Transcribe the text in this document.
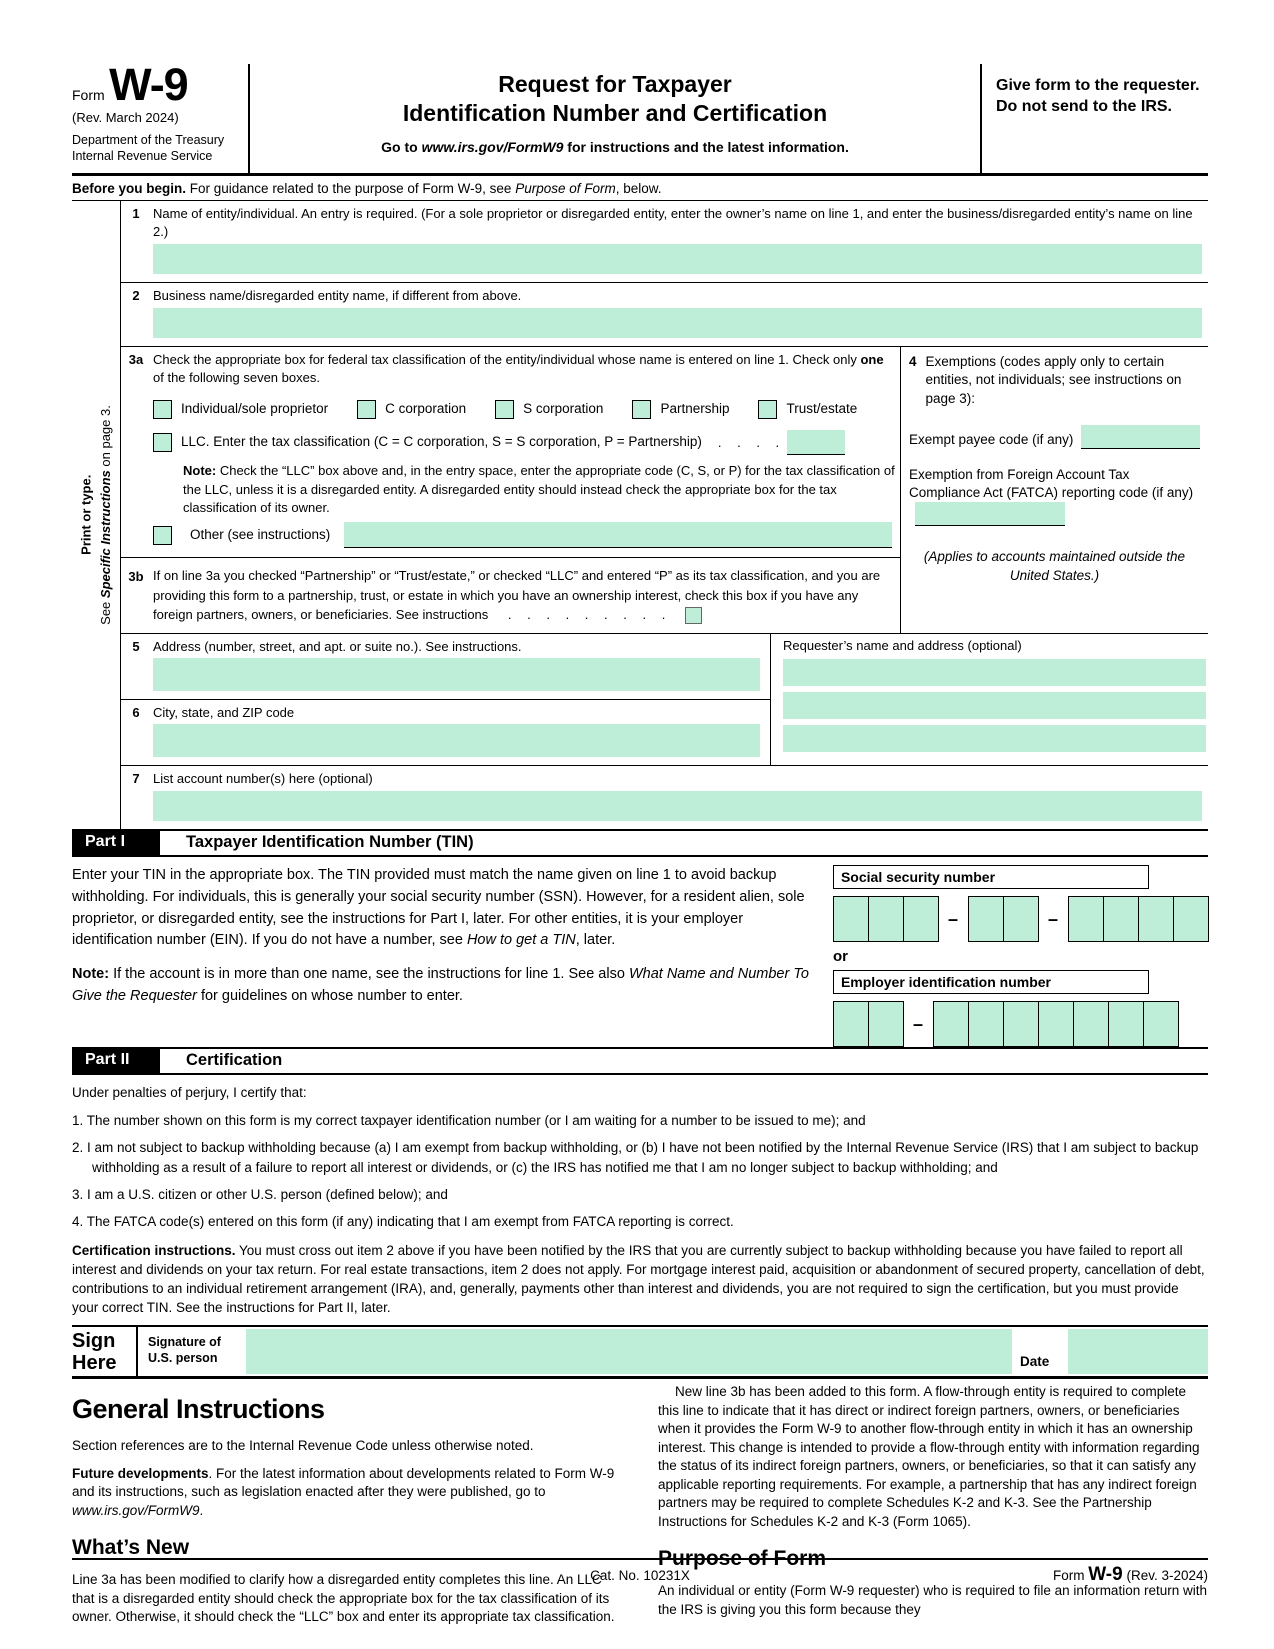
Form W-9
(Rev. March 2024)
Department of the Treasury
Internal Revenue Service
Request for Taxpayer
Identification Number and Certification
Go to www.irs.gov/FormW9 for instructions and the latest information.
Give form to the requester. Do not send to the IRS.
Before you begin. For guidance related to the purpose of Form W-9, see Purpose of Form, below.
Print or type.
See Specific Instructions on page 3.
1	Name of entity/individual. An entry is required. (For a sole proprietor or disregarded entity, enter the owner’s name on line 1, and enter the business/disregarded entity’s name on line 2.)
2	Business name/disregarded entity name, if different from above.
3a Check the appropriate box for federal tax classification of the entity/individual whose name is entered on line 1. Check only one of the following seven boxes.
Individual/sole proprietor	C corporation	S corporation	Partnership	Trust/estate
LLC. Enter the tax classification (C = C corporation, S = S corporation, P = Partnership)	. . . .
Note: Check the “LLC” box above and, in the entry space, enter the appropriate code (C, S, or P) for the tax classification of the LLC, unless it is a disregarded entity. A disregarded entity should instead check the appropriate box for the tax classification of its owner.
Other (see instructions)
3b If on line 3a you checked “Partnership” or “Trust/estate,” or checked “LLC” and entered “P” as its tax classification, and you are providing this form to a partnership, trust, or estate in which you have an ownership interest, check this box if you have any foreign partners, owners, or beneficiaries. See instructions . . . . . . . . .
4 Exemptions (codes apply only to certain entities, not individuals; see instructions on page 3):
Exempt payee code (if any)
Exemption from Foreign Account Tax Compliance Act (FATCA) reporting code (if any)
(Applies to accounts maintained outside the United States.)
5	Address (number, street, and apt. or suite no.). See instructions.
6	City, state, and ZIP code
Requester’s name and address (optional)
7	List account number(s) here (optional)
Part I	Taxpayer Identification Number (TIN)

Enter your TIN in the appropriate box. The TIN provided must match the name given on line 1 to avoid backup withholding. For individuals, this is generally your social security number (SSN). However, for a resident alien, sole proprietor, or disregarded entity, see the instructions for Part I, later. For other entities, it is your employer identification number (EIN). If you do not have a number, see How to get a TIN, later.

Note: If the account is in more than one name, see the instructions for line 1. See also What Name and Number To Give the Requester for guidelines on whose number to enter.

Social security number
–	–
or
Employer identification number
–
Part II	Certification

Under penalties of perjury, I certify that:

1. The number shown on this form is my correct taxpayer identification number (or I am waiting for a number to be issued to me); and

2. I am not subject to backup withholding because (a) I am exempt from backup withholding, or (b) I have not been notified by the Internal Revenue Service (IRS) that I am subject to backup withholding as a result of a failure to report all interest or dividends, or (c) the IRS has notified me that I am no longer subject to backup withholding; and

3. I am a U.S. citizen or other U.S. person (defined below); and

4. The FATCA code(s) entered on this form (if any) indicating that I am exempt from FATCA reporting is correct.

Certification instructions. You must cross out item 2 above if you have been notified by the IRS that you are currently subject to backup withholding because you have failed to report all interest and dividends on your tax return. For real estate transactions, item 2 does not apply. For mortgage interest paid, acquisition or abandonment of secured property, cancellation of debt, contributions to an individual retirement arrangement (IRA), and, generally, payments other than interest and dividends, you are not required to sign the certification, but you must provide your correct TIN. See the instructions for Part II, later.

Sign
Here
Signature of
U.S. person	Date
General Instructions

Section references are to the Internal Revenue Code unless otherwise noted.

Future developments. For the latest information about developments related to Form W-9 and its instructions, such as legislation enacted after they were published, go to www.irs.gov/FormW9.

What’s New

Line 3a has been modified to clarify how a disregarded entity completes this line. An LLC that is a disregarded entity should check the appropriate box for the tax classification of its owner. Otherwise, it should check the “LLC” box and enter its appropriate tax classification.

New line 3b has been added to this form. A flow-through entity is required to complete this line to indicate that it has direct or indirect foreign partners, owners, or beneficiaries when it provides the Form W-9 to another flow-through entity in which it has an ownership interest. This change is intended to provide a flow-through entity with information regarding the status of its indirect foreign partners, owners, or beneficiaries, so that it can satisfy any applicable reporting requirements. For example, a partnership that has any indirect foreign partners may be required to complete Schedules K-2 and K-3. See the Partnership Instructions for Schedules K-2 and K-3 (Form 1065).

Purpose of Form

An individual or entity (Form W-9 requester) who is required to file an information return with the IRS is giving you this form because they

Cat. No. 10231X	Form W-9 (Rev. 3-2024)
